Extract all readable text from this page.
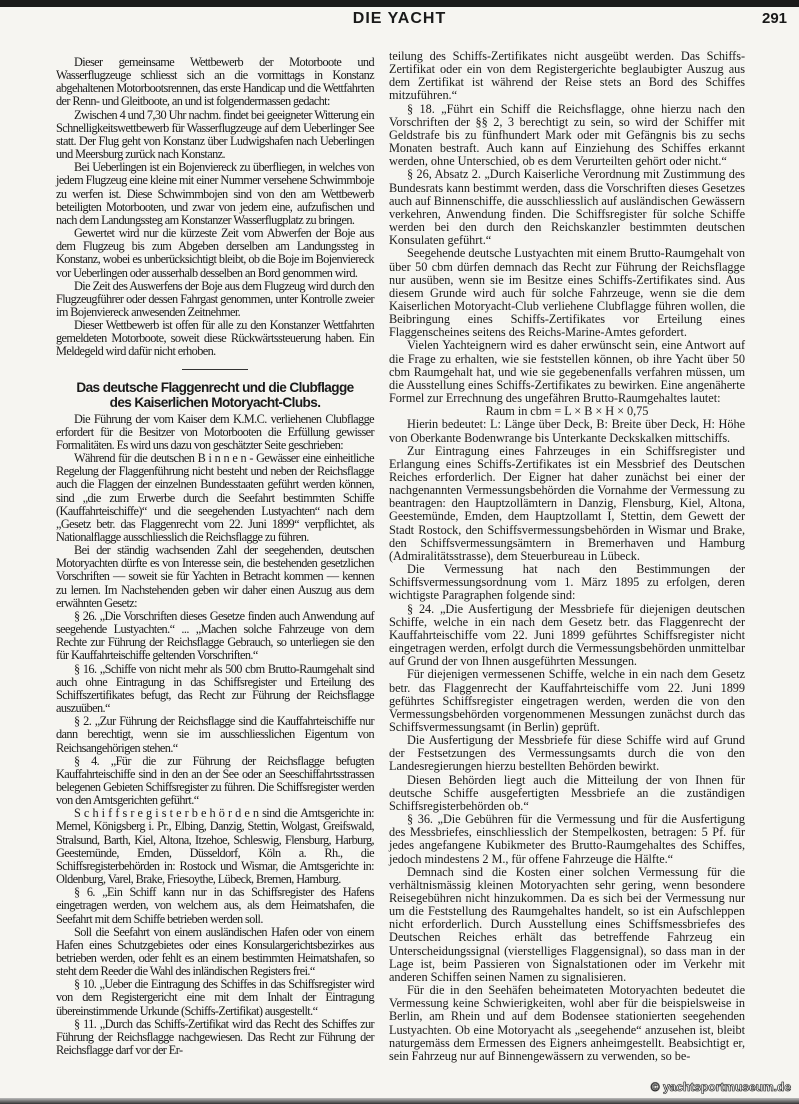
DIE YACHT	291

Dieser gemeinsame Wettbewerb der Motorboote und Wasserflugzeuge schliesst sich an die vormittags in Konstanz abgehaltenen Motorbootsrennen, das erste Handicap und die Wettfahrten der Renn- und Gleitboote, an und ist folgendermassen gedacht:

Zwischen 4 und 7,30 Uhr nachm. findet bei geeigneter Witterung ein Schnelligkeitswettbewerb für Wasserflugzeuge auf dem Ueberlinger See statt. Der Flug geht von Konstanz über Ludwigshafen nach Ueberlingen und Meersburg zurück nach Konstanz.

Bei Ueberlingen ist ein Bojenviereck zu überfliegen, in welches von jedem Flugzeug eine kleine mit einer Nummer versehene Schwimmboje zu werfen ist. Diese Schwimmbojen sind von den am Wettbewerb beteiligten Motorbooten, und zwar von jedem eine, aufzufischen und nach dem Landungssteg am Konstanzer Wasserflugplatz zu bringen.

Gewertet wird nur die kürzeste Zeit vom Abwerfen der Boje aus dem Flugzeug bis zum Abgeben derselben am Landungssteg in Konstanz, wobei es unberücksichtigt bleibt, ob die Boje im Bojenviereck vor Ueberlingen oder ausserhalb desselben an Bord genommen wird.

Die Zeit des Auswerfens der Boje aus dem Flugzeug wird durch den Flugzeugführer oder dessen Fahrgast genommen, unter Kontrolle zweier im Bojenviereck anwesenden Zeitnehmer.

Dieser Wettbewerb ist offen für alle zu den Konstanzer Wettfahrten gemeldeten Motorboote, soweit diese Rückwärtssteuerung haben. Ein Meldegeld wird dafür nicht erhoben.

Das deutsche Flaggenrecht und die Clubflagge
des Kaiserlichen Motoryacht-Clubs.

Die Führung der vom Kaiser dem K.M.C. verliehenen Clubflagge erfordert für die Besitzer von Motorbooten die Erfüllung gewisser Formalitäten. Es wird uns dazu von geschätzter Seite geschrieben:

Während für die deutschen B i n n e n - Gewässer eine einheitliche Regelung der Flaggenführung nicht besteht und neben der Reichsflagge auch die Flaggen der einzelnen Bundesstaaten geführt werden können, sind „die zum Erwerbe durch die Seefahrt bestimmten Schiffe (Kauffahrteischiffe)“ und die seegehenden Lustyachten“ nach dem „Gesetz betr. das Flaggenrecht vom 22. Juni 1899“ verpflichtet, als Nationalflagge ausschliesslich die Reichsflagge zu führen.

Bei der ständig wachsenden Zahl der seegehenden, deutschen Motoryachten dürfte es von Interesse sein, die bestehenden gesetzlichen Vorschriften — soweit sie für Yachten in Betracht kommen — kennen zu lernen. Im Nachstehenden geben wir daher einen Auszug aus dem erwähnten Gesetz:

§ 26. „Die Vorschriften dieses Gesetze finden auch Anwendung auf seegehende Lustyachten.“ ... „Machen solche Fahrzeuge von dem Rechte zur Führung der Reichsflagge Gebrauch, so unterliegen sie den für Kauffahrteischiffe geltenden Vorschriften.“

§ 16. „Schiffe von nicht mehr als 500 cbm Brutto-Raumgehalt sind auch ohne Eintragung in das Schiffsregister und Erteilung des Schiffszertifikates befugt, das Recht zur Führung der Reichsflagge auszuüben.“

§ 2. „Zur Führung der Reichsflagge sind die Kauffahrteischiffe nur dann berechtigt, wenn sie im ausschliesslichen Eigentum von Reichsangehörigen stehen.“

§ 4. „Für die zur Führung der Reichsflagge befugten Kauffahrteischiffe sind in den an der See oder an Seeschiffahrtsstrassen belegenen Gebieten Schiffsregister zu führen. Die Schiffsregister werden von den Amtsgerichten geführt.“

S c h i f f s r e g i s t e r b e h ö r d e n sind die Amtsgerichte in: Memel, Königsberg i. Pr., Elbing, Danzig, Stettin, Wolgast, Greifswald, Stralsund, Barth, Kiel, Altona, Itzehoe, Schleswig, Flensburg, Harburg, Geestemünde, Emden, Düsseldorf, Köln a. Rh., die Schiffsregisterbehörden in: Rostock und Wismar, die Amtsgerichte in: Oldenburg, Varel, Brake, Friesoythe, Lübeck, Bremen, Hamburg.

§ 6. „Ein Schiff kann nur in das Schiffsregister des Hafens eingetragen werden, von welchem aus, als dem Heimatshafen, die Seefahrt mit dem Schiffe betrieben werden soll.

Soll die Seefahrt von einem ausländischen Hafen oder von einem Hafen eines Schutzgebietes oder eines Konsulargerichtsbezirkes aus betrieben werden, oder fehlt es an einem bestimmten Heimatshafen, so steht dem Reeder die Wahl des inländischen Registers frei.“

§ 10. „Ueber die Eintragung des Schiffes in das Schiffsregister wird von dem Registergericht eine mit dem Inhalt der Eintragung übereinstimmende Urkunde (Schiffs-Zertifikat) ausgestellt.“

§ 11. „Durch das Schiffs-Zertifikat wird das Recht des Schiffes zur Führung der Reichsflagge nachgewiesen. Das Recht zur Führung der Reichsflagge darf vor der Er-

teilung des Schiffs-Zertifikates nicht ausgeübt werden. Das Schiffs-Zertifikat oder ein von dem Registergerichte beglaubigter Auszug aus dem Zertifikat ist während der Reise stets an Bord des Schiffes mitzuführen.“

§ 18. „Führt ein Schiff die Reichsflagge, ohne hierzu nach den Vorschriften der §§ 2, 3 berechtigt zu sein, so wird der Schiffer mit Geldstrafe bis zu fünfhundert Mark oder mit Gefängnis bis zu sechs Monaten bestraft. Auch kann auf Einziehung des Schiffes erkannt werden, ohne Unterschied, ob es dem Verurteilten gehört oder nicht.“

§ 26, Absatz 2. „Durch Kaiserliche Verordnung mit Zustimmung des Bundesrats kann bestimmt werden, dass die Vorschriften dieses Gesetzes auch auf Binnenschiffe, die ausschliesslich auf ausländischen Gewässern verkehren, Anwendung finden. Die Schiffsregister für solche Schiffe werden bei den durch den Reichskanzler bestimmten deutschen Konsulaten geführt.“

Seegehende deutsche Lustyachten mit einem Brutto-Raumgehalt von über 50 cbm dürfen demnach das Recht zur Führung der Reichsflagge nur ausüben, wenn sie im Besitze eines Schiffs-Zertifikates sind. Aus diesem Grunde wird auch für solche Fahrzeuge, wenn sie die dem Kaiserlichen Motoryacht-Club verliehene Clubflagge führen wollen, die Beibringung eines Schiffs-Zertifikates vor Erteilung eines Flaggenscheines seitens des Reichs-Marine-Amtes gefordert.

Vielen Yachteignern wird es daher erwünscht sein, eine Antwort auf die Frage zu erhalten, wie sie feststellen können, ob ihre Yacht über 50 cbm Raumgehalt hat, und wie sie gegebenenfalls verfahren müssen, um die Ausstellung eines Schiffs-Zertifikates zu bewirken. Eine angenäherte Formel zur Errechnung des ungefähren Brutto-Raumgehaltes lautet:

Raum in cbm = L × B × H × 0,75

Hierin bedeutet: L: Länge über Deck, B: Breite über Deck, H: Höhe von Oberkante Bodenwrange bis Unterkante Deckskalken mittschiffs.

Zur Eintragung eines Fahrzeuges in ein Schiffsregister und Erlangung eines Schiffs-Zertifikates ist ein Messbrief des Deutschen Reiches erforderlich. Der Eigner hat daher zunächst bei einer der nachgenannten Vermessungsbehörden die Vornahme der Vermessung zu beantragen: den Hauptzollämtern in Danzig, Flensburg, Kiel, Altona, Geestemünde, Emden, dem Hauptzollamt I, Stettin, dem Gewett der Stadt Rostock, den Schiffsvermessungsbehörden in Wismar und Brake, den Schiffsvermessungsämtern in Bremerhaven und Hamburg (Admiralitätsstrasse), dem Steuerbureau in Lübeck.

Die Vermessung hat nach den Bestimmungen der Schiffsvermessungsordnung vom 1. März 1895 zu erfolgen, deren wichtigste Paragraphen folgende sind:

§ 24. „Die Ausfertigung der Messbriefe für diejenigen deutschen Schiffe, welche in ein nach dem Gesetz betr. das Flaggenrecht der Kauffahrteischiffe vom 22. Juni 1899 geführtes Schiffsregister nicht eingetragen werden, erfolgt durch die Vermessungsbehörden unmittelbar auf Grund der von Ihnen ausgeführten Messungen.

Für diejenigen vermessenen Schiffe, welche in ein nach dem Gesetz betr. das Flaggenrecht der Kauffahrteischiffe vom 22. Juni 1899 geführtes Schiffsregister eingetragen werden, werden die von den Vermessungsbehörden vorgenommenen Messungen zunächst durch das Schiffsvermessungsamt (in Berlin) geprüft.

Die Ausfertigung der Messbriefe für diese Schiffe wird auf Grund der Festsetzungen des Vermessungsamts durch die von den Landesregierungen hierzu bestellten Behörden bewirkt.

Diesen Behörden liegt auch die Mitteilung der von Ihnen für deutsche Schiffe ausgefertigten Messbriefe an die zuständigen Schiffsregisterbehörden ob.“

§ 36. „Die Gebühren für die Vermessung und für die Ausfertigung des Messbriefes, einschliesslich der Stempelkosten, betragen: 5 Pf. für jedes angefangene Kubikmeter des Brutto-Raumgehaltes des Schiffes, jedoch mindestens 2 M., für offene Fahrzeuge die Hälfte.“

Demnach sind die Kosten einer solchen Vermessung für die verhältnismässig kleinen Motoryachten sehr gering, wenn besondere Reisegebühren nicht hinzukommen. Da es sich bei der Vermessung nur um die Feststellung des Raumgehaltes handelt, so ist ein Aufschleppen nicht erforderlich. Durch Ausstellung eines Schiffsmessbriefes des Deutschen Reiches erhält das betreffende Fahrzeug ein Unterscheidungssignal (vierstelliges Flaggensignal), so dass man in der Lage ist, beim Passieren von Signalstationen oder im Verkehr mit anderen Schiffen seinen Namen zu signalisieren.

Für die in den Seehäfen beheimateten Motoryachten bedeutet die Vermessung keine Schwierigkeiten, wohl aber für die beispielsweise in Berlin, am Rhein und auf dem Bodensee stationierten seegehenden Lustyachten. Ob eine Motoryacht als „seegehende“ anzusehen ist, bleibt naturgemäss dem Ermessen des Eigners anheimgestellt. Beabsichtigt er, sein Fahrzeug nur auf Binnengewässern zu verwenden, so be-

© yachtsportmuseum.de
